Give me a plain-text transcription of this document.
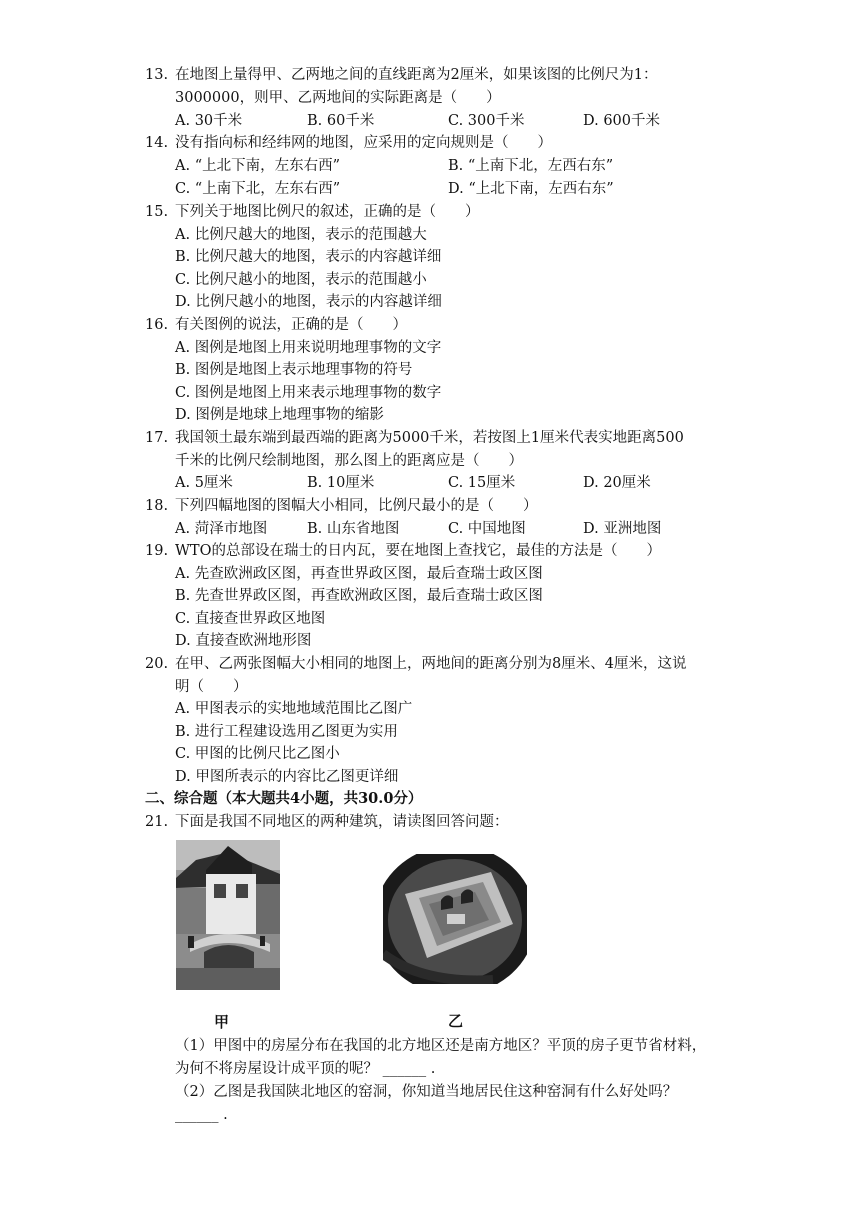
13. 在地图上量得甲、乙两地之间的直线距离为2厘米，如果该图的比例尺为1：
3000000，则甲、乙两地间的实际距离是（　　）
A. 30千米	B. 60千米	C. 300千米	D. 600千米
14. 没有指向标和经纬网的地图，应采用的定向规则是（　　）
A. “上北下南，左东右西”	B. “上南下北，左西右东”
C. “上南下北，左东右西”	D. “上北下南，左西右东”
15. 下列关于地图比例尺的叙述，正确的是（　　）
A. 比例尺越大的地图，表示的范围越大
B. 比例尺越大的地图，表示的内容越详细
C. 比例尺越小的地图，表示的范围越小
D. 比例尺越小的地图，表示的内容越详细
16. 有关图例的说法，正确的是（　　）
A. 图例是地图上用来说明地理事物的文字
B. 图例是地图上表示地理事物的符号
C. 图例是地图上用来表示地理事物的数字
D. 图例是地球上地理事物的缩影
17. 我国领土最东端到最西端的距离为5000千米，若按图上1厘米代表实地距离500
千米的比例尺绘制地图，那么图上的距离应是（　　）
A. 5厘米	B. 10厘米	C. 15厘米	D. 20厘米
18. 下列四幅地图的图幅大小相同，比例尺最小的是（　　）
A. 菏泽市地图	B. 山东省地图	C. 中国地图	D. 亚洲地图
19. WTO的总部设在瑞士的日内瓦，要在地图上查找它，最佳的方法是（　　）
A. 先查欧洲政区图，再查世界政区图，最后查瑞士政区图
B. 先查世界政区图，再查欧洲政区图，最后查瑞士政区图
C. 直接查世界政区地图
D. 直接查欧洲地形图
20. 在甲、乙两张图幅大小相同的地图上，两地间的距离分别为8厘米、4厘米，这说
明（　　）
A. 甲图表示的实地地域范围比乙图广
B. 进行工程建设选用乙图更为实用
C. 甲图的比例尺比乙图小
D. 甲图所表示的内容比乙图更详细
二、综合题（本大题共4小题，共30.0分）
21. 下面是我国不同地区的两种建筑，请读图回答问题：
甲	乙
（1）甲图中的房屋分布在我国的北方地区还是南方地区？平顶的房子更节省材料，
为何不将房屋设计成平顶的呢？ ______ .
（2）乙图是我国陕北地区的窑洞，你知道当地居民住这种窑洞有什么好处吗？
______ .
